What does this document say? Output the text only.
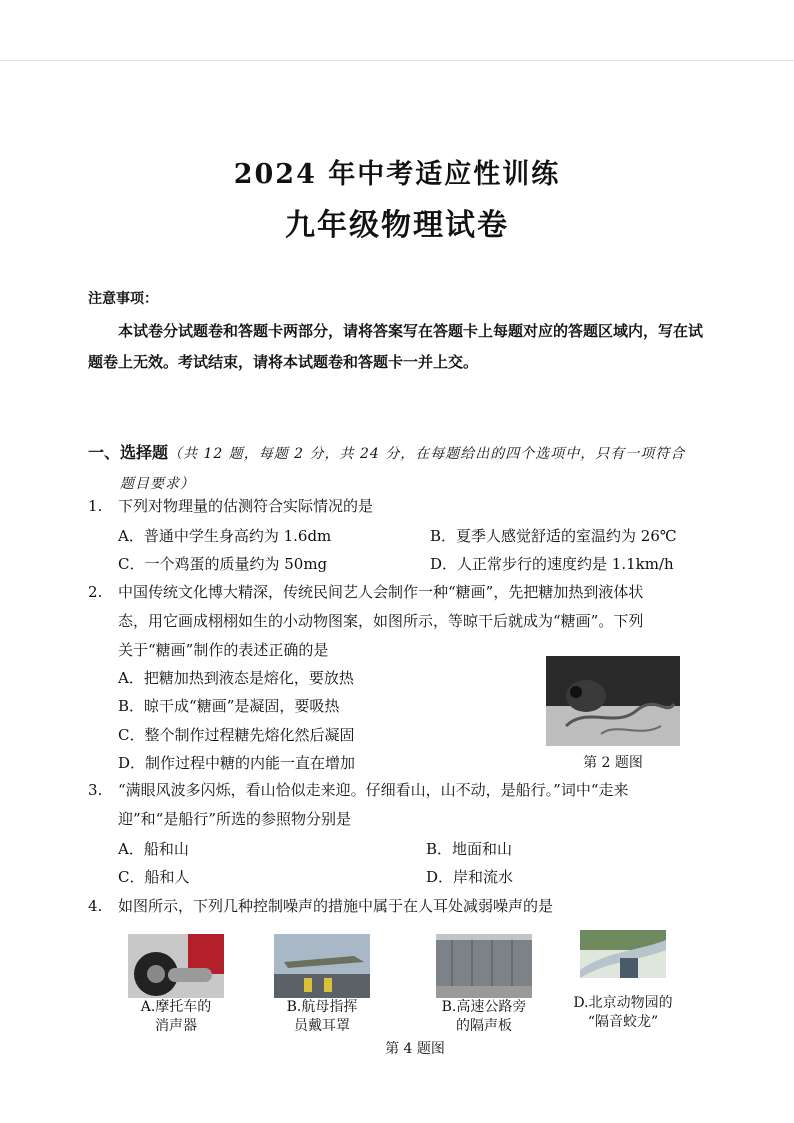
2024 年中考适应性训练
九年级物理试卷
注意事项：
本试卷分试题卷和答题卡两部分，请将答案写在答题卡上每题对应的答题区域内，写在试题卷上无效。考试结束，请将本试题卷和答题卡一并上交。
一、选择题（共 12 题，每题 2 分，共 24 分，在每题给出的四个选项中，只有一项符合
题目要求）
1. 下列对物理量的估测符合实际情况的是
A．普通中学生身高约为 1.6dm	B．夏季人感觉舒适的室温约为 26℃
C．一个鸡蛋的质量约为 50mg	D．人正常步行的速度约是 1.1km/h
2. 中国传统文化博大精深，传统民间艺人会制作一种“糖画”，先把糖加热到液体状
态，用它画成栩栩如生的小动物图案，如图所示，等晾干后就成为“糖画”。下列
关于“糖画”制作的表述正确的是
A．把糖加热到液态是熔化，要放热
B．晾干成“糖画”是凝固，要吸热
C．整个制作过程糖先熔化然后凝固
D．制作过程中糖的内能一直在增加	第 2 题图
3. “满眼风波多闪烁，看山恰似走来迎。仔细看山，山不动，是船行。”词中“走来
迎”和“是船行”所选的参照物分别是
A．船和山	B．地面和山
C．船和人	D．岸和流水
4. 如图所示，下列几种控制噪声的措施中属于在人耳处减弱噪声的是
A.摩托车的
消声器
B.航母指挥
员戴耳罩
B.高速公路旁
的隔声板
D.北京动物园的
“隔音蛟龙”
第 4 题图
